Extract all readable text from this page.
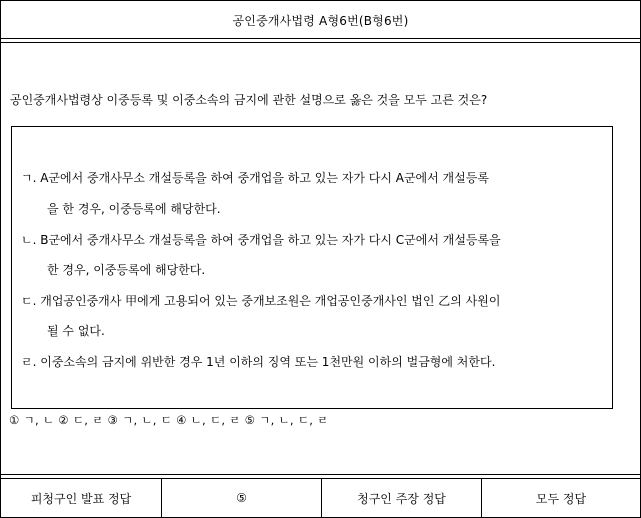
공인중개사법령 A형6번(B형6번)
공인중개사법령상 이중등록 및 이중소속의 금지에 관한 설명으로 옳은 것을 모두 고른 것은?
ㄱ. A군에서 중개사무소 개설등록을 하여 중개업을 하고 있는 자가 다시 A군에서 개설등록
을 한 경우, 이중등록에 해당한다.
ㄴ. B군에서 중개사무소 개설등록을 하여 중개업을 하고 있는 자가 다시 C군에서 개설등록을
한 경우, 이중등록에 해당한다.
ㄷ. 개업공인중개사 甲에게 고용되어 있는 중개보조원은 개업공인중개사인 법인 乙의 사원이
될 수 없다.
ㄹ. 이중소속의 금지에 위반한 경우 1년 이하의 징역 또는 1천만원 이하의 벌금형에 처한다.
① ㄱ, ㄴ ② ㄷ, ㄹ ③ ㄱ, ㄴ, ㄷ ④ ㄴ, ㄷ, ㄹ ⑤ ㄱ, ㄴ, ㄷ, ㄹ
피청구인 발표 정답	⑤	청구인 주장 정답	모두 정답
